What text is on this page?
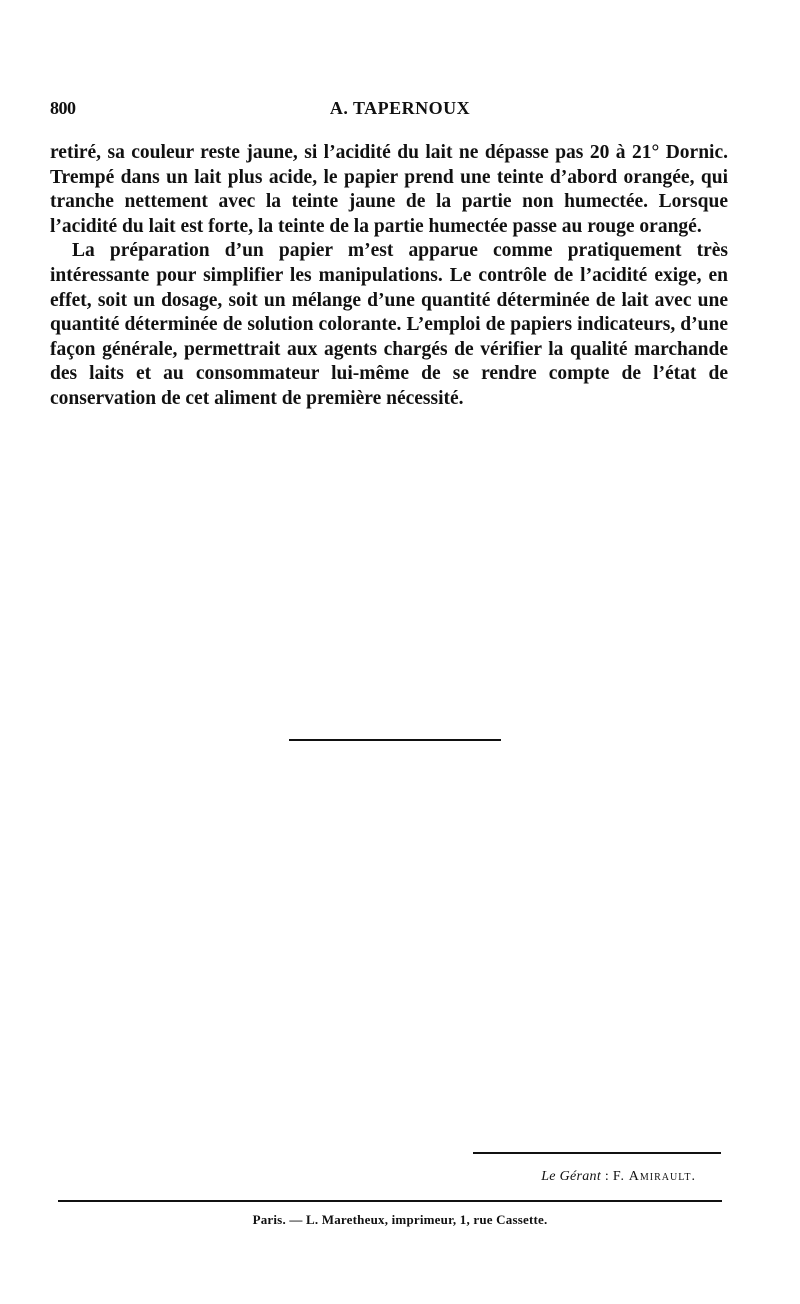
800	A. TAPERNOUX

retiré, sa couleur reste jaune, si l’acidité du lait ne dépasse pas 20 à 21° Dornic. Trempé dans un lait plus acide, le papier prend une teinte d’abord orangée, qui tranche nettement avec la teinte jaune de la partie non humectée. Lorsque l’acidité du lait est forte, la teinte de la partie humectée passe au rouge orangé.

La préparation d’un papier m’est apparue comme pratiquement très intéressante pour simplifier les manipulations. Le contrôle de l’acidité exige, en effet, soit un dosage, soit un mélange d’une quantité déterminée de lait avec une quantité déterminée de solution colorante. L’emploi de papiers indicateurs, d’une façon générale, permettrait aux agents chargés de vérifier la qualité marchande des laits et au consommateur lui-même de se rendre compte de l’état de conservation de cet aliment de première nécessité.

Le Gérant : F. Amirault.
Paris. — L. Maretheux, imprimeur, 1, rue Cassette.
